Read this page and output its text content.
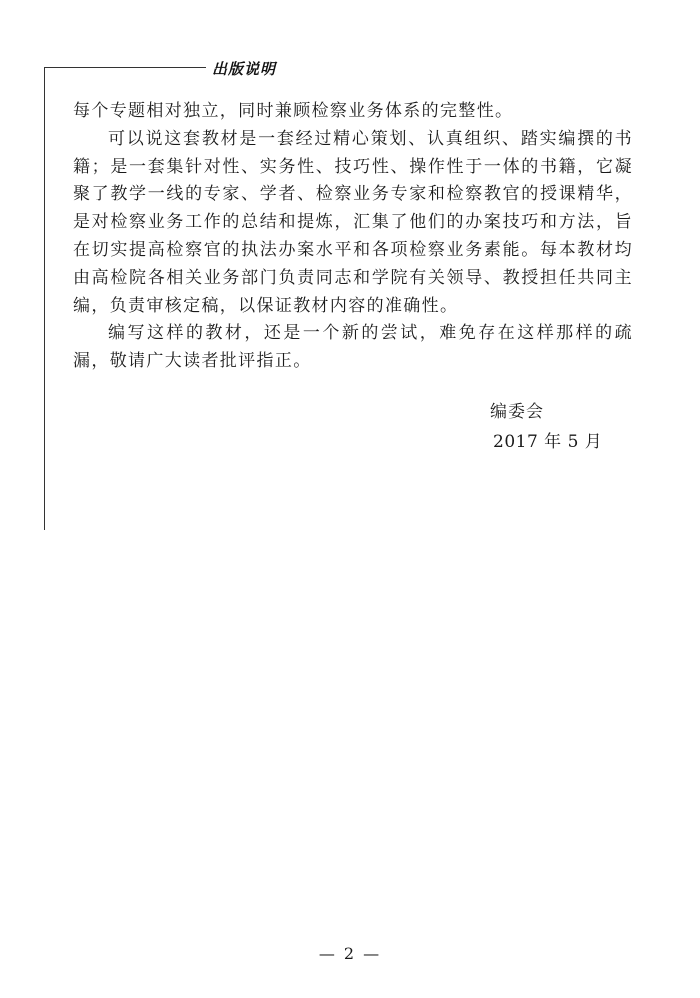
出版说明

每个专题相对独立，同时兼顾检察业务体系的完整性。

可以说这套教材是一套经过精心策划、认真组织、踏实编撰的书籍；是一套集针对性、实务性、技巧性、操作性于一体的书籍，它凝聚了教学一线的专家、学者、检察业务专家和检察教官的授课精华，是对检察业务工作的总结和提炼，汇集了他们的办案技巧和方法，旨在切实提高检察官的执法办案水平和各项检察业务素能。每本教材均由高检院各相关业务部门负责同志和学院有关领导、教授担任共同主编，负责审核定稿，以保证教材内容的准确性。

编写这样的教材，还是一个新的尝试，难免存在这样那样的疏漏，敬请广大读者批评指正。

编委会
2017 年 5 月
— 2 —
